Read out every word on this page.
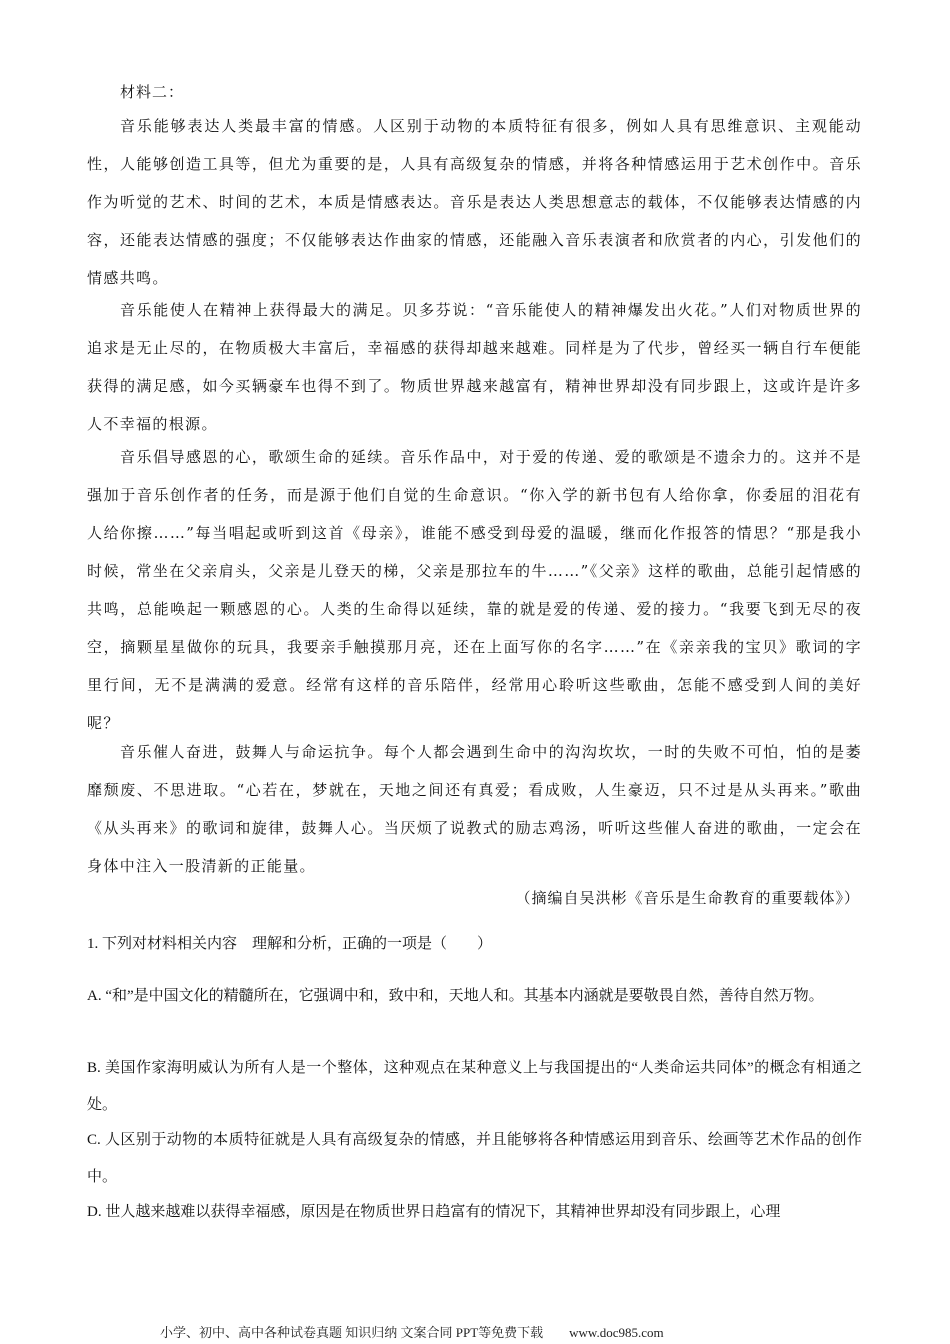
材料二：
音乐能够表达人类最丰富的情感。人区别于动物的本质特征有很多，例如人具有思维意识、主观能动性，人能够创造工具等，但尤为重要的是，人具有高级复杂的情感，并将各种情感运用于艺术创作中。音乐作为听觉的艺术、时间的艺术，本质是情感表达。音乐是表达人类思想意志的载体，不仅能够表达情感的内容，还能表达情感的强度；不仅能够表达作曲家的情感，还能融入音乐表演者和欣赏者的内心，引发他们的情感共鸣。
音乐能使人在精神上获得最大的满足。贝多芬说：“音乐能使人的精神爆发出火花。”人们对物质世界的追求是无止尽的，在物质极大丰富后，幸福感的获得却越来越难。同样是为了代步，曾经买一辆自行车便能获得的满足感，如今买辆豪车也得不到了。物质世界越来越富有，精神世界却没有同步跟上，这或许是许多人不幸福的根源。
音乐倡导感恩的心，歌颂生命的延续。音乐作品中，对于爱的传递、爱的歌颂是不遗余力的。这并不是强加于音乐创作者的任务，而是源于他们自觉的生命意识。“你入学的新书包有人给你拿，你委屈的泪花有人给你擦……”每当唱起或听到这首《母亲》，谁能不感受到母爱的温暖，继而化作报答的情思？“那是我小时候，常坐在父亲肩头，父亲是儿登天的梯，父亲是那拉车的牛……”《父亲》这样的歌曲，总能引起情感的共鸣，总能唤起一颗感恩的心。人类的生命得以延续，靠的就是爱的传递、爱的接力。“我要飞到无尽的夜空，摘颗星星做你的玩具，我要亲手触摸那月亮，还在上面写你的名字……”在《亲亲我的宝贝》歌词的字里行间，无不是满满的爱意。经常有这样的音乐陪伴，经常用心聆听这些歌曲，怎能不感受到人间的美好呢？
音乐催人奋进，鼓舞人与命运抗争。每个人都会遇到生命中的沟沟坎坎，一时的失败不可怕，怕的是萎靡颓废、不思进取。“心若在，梦就在，天地之间还有真爱；看成败，人生豪迈，只不过是从头再来。”歌曲《从头再来》的歌词和旋律，鼓舞人心。当厌烦了说教式的励志鸡汤，听听这些催人奋进的歌曲，一定会在身体中注入一股清新的正能量。
（摘编自吴洪彬《音乐是生命教育的重要载体》）
1. 下列对材料相关内容　理解和分析，正确的一项是（　　）
A. “和”是中国文化的精髓所在，它强调中和，致中和，天地人和。其基本内涵就是要敬畏自然，善待自然万物。
B. 美国作家海明威认为所有人是一个整体，这种观点在某种意义上与我国提出的“人类命运共同体”的概念有相通之处。
C. 人区别于动物的本质特征就是人具有高级复杂的情感，并且能够将各种情感运用到音乐、绘画等艺术作品的创作中。
D. 世人越来越难以获得幸福感，原因是在物质世界日趋富有的情况下，其精神世界却没有同步跟上，心理
小学、初中、高中各种试卷真题 知识归纳 文案合同 PPT等免费下载　　www.doc985.com
